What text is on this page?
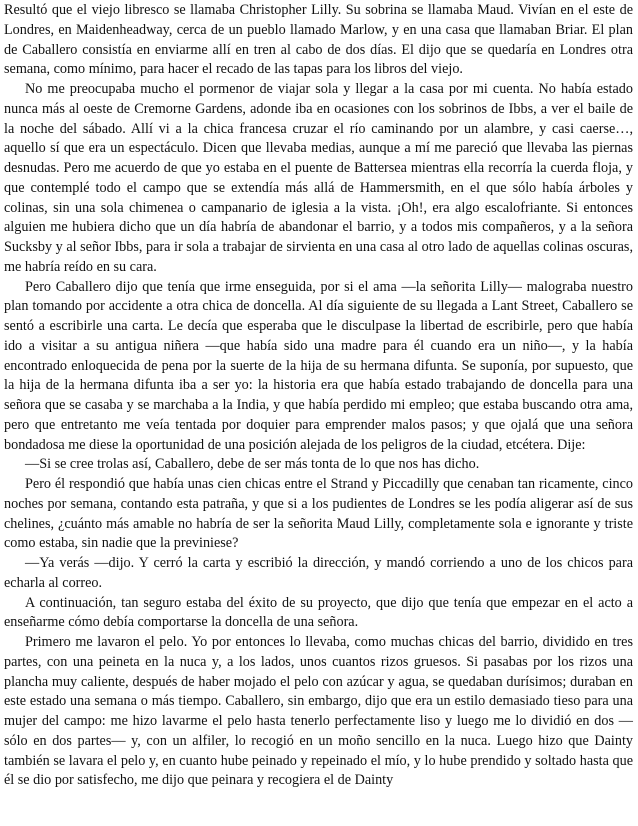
Resultó que el viejo libresco se llamaba Christopher Lilly. Su sobrina se llamaba Maud. Vivían en el este de Londres, en Maidenheadway, cerca de un pueblo llamado Marlow, y en una casa que llamaban Briar. El plan de Caballero consistía en enviarme allí en tren al cabo de dos días. El dijo que se quedaría en Londres otra semana, como mínimo, para hacer el recado de las tapas para los libros del viejo.

No me preocupaba mucho el pormenor de viajar sola y llegar a la casa por mi cuenta. No había estado nunca más al oeste de Cremorne Gardens, adonde iba en ocasiones con los sobrinos de Ibbs, a ver el baile de la noche del sábado. Allí vi a la chica francesa cruzar el río caminando por un alambre, y casi caerse…, aquello sí que era un espectáculo. Dicen que llevaba medias, aunque a mí me pareció que llevaba las piernas desnudas. Pero me acuerdo de que yo estaba en el puente de Battersea mientras ella recorría la cuerda floja, y que contemplé todo el campo que se extendía más allá de Hammersmith, en el que sólo había árboles y colinas, sin una sola chimenea o campanario de iglesia a la vista. ¡Oh!, era algo escalofriante. Si entonces alguien me hubiera dicho que un día habría de abandonar el barrio, y a todos mis compañeros, y a la señora Sucksby y al señor Ibbs, para ir sola a trabajar de sirvienta en una casa al otro lado de aquellas colinas oscuras, me habría reído en su cara.

Pero Caballero dijo que tenía que irme enseguida, por si el ama —la señorita Lilly— malograba nuestro plan tomando por accidente a otra chica de doncella. Al día siguiente de su llegada a Lant Street, Caballero se sentó a escribirle una carta. Le decía que esperaba que le disculpase la libertad de escribirle, pero que había ido a visitar a su antigua niñera —que había sido una madre para él cuando era un niño—, y la había encontrado enloquecida de pena por la suerte de la hija de su hermana difunta. Se suponía, por supuesto, que la hija de la hermana difunta iba a ser yo: la historia era que había estado trabajando de doncella para una señora que se casaba y se marchaba a la India, y que había perdido mi empleo; que estaba buscando otra ama, pero que entretanto me veía tentada por doquier para emprender malos pasos; y que ojalá que una señora bondadosa me diese la oportunidad de una posición alejada de los peligros de la ciudad, etcétera. Dije:

—Si se cree trolas así, Caballero, debe de ser más tonta de lo que nos has dicho.

Pero él respondió que había unas cien chicas entre el Strand y Piccadilly que cenaban tan ricamente, cinco noches por semana, contando esta patraña, y que si a los pudientes de Londres se les podía aligerar así de sus chelines, ¿cuánto más amable no habría de ser la señorita Maud Lilly, completamente sola e ignorante y triste como estaba, sin nadie que la previniese?

—Ya verás —dijo. Y cerró la carta y escribió la dirección, y mandó corriendo a uno de los chicos para echarla al correo.

A continuación, tan seguro estaba del éxito de su proyecto, que dijo que tenía que empezar en el acto a enseñarme cómo debía comportarse la doncella de una señora.

Primero me lavaron el pelo. Yo por entonces lo llevaba, como muchas chicas del barrio, dividido en tres partes, con una peineta en la nuca y, a los lados, unos cuantos rizos gruesos. Si pasabas por los rizos una plancha muy caliente, después de haber mojado el pelo con azúcar y agua, se quedaban durísimos; duraban en este estado una semana o más tiempo. Caballero, sin embargo, dijo que era un estilo demasiado tieso para una mujer del campo: me hizo lavarme el pelo hasta tenerlo perfectamente liso y luego me lo dividió en dos —sólo en dos partes— y, con un alfiler, lo recogió en un moño sencillo en la nuca. Luego hizo que Dainty también se lavara el pelo y, en cuanto hube peinado y repeinado el mío, y lo hube prendido y soltado hasta que él se dio por satisfecho, me dijo que peinara y recogiera el de Dainty
